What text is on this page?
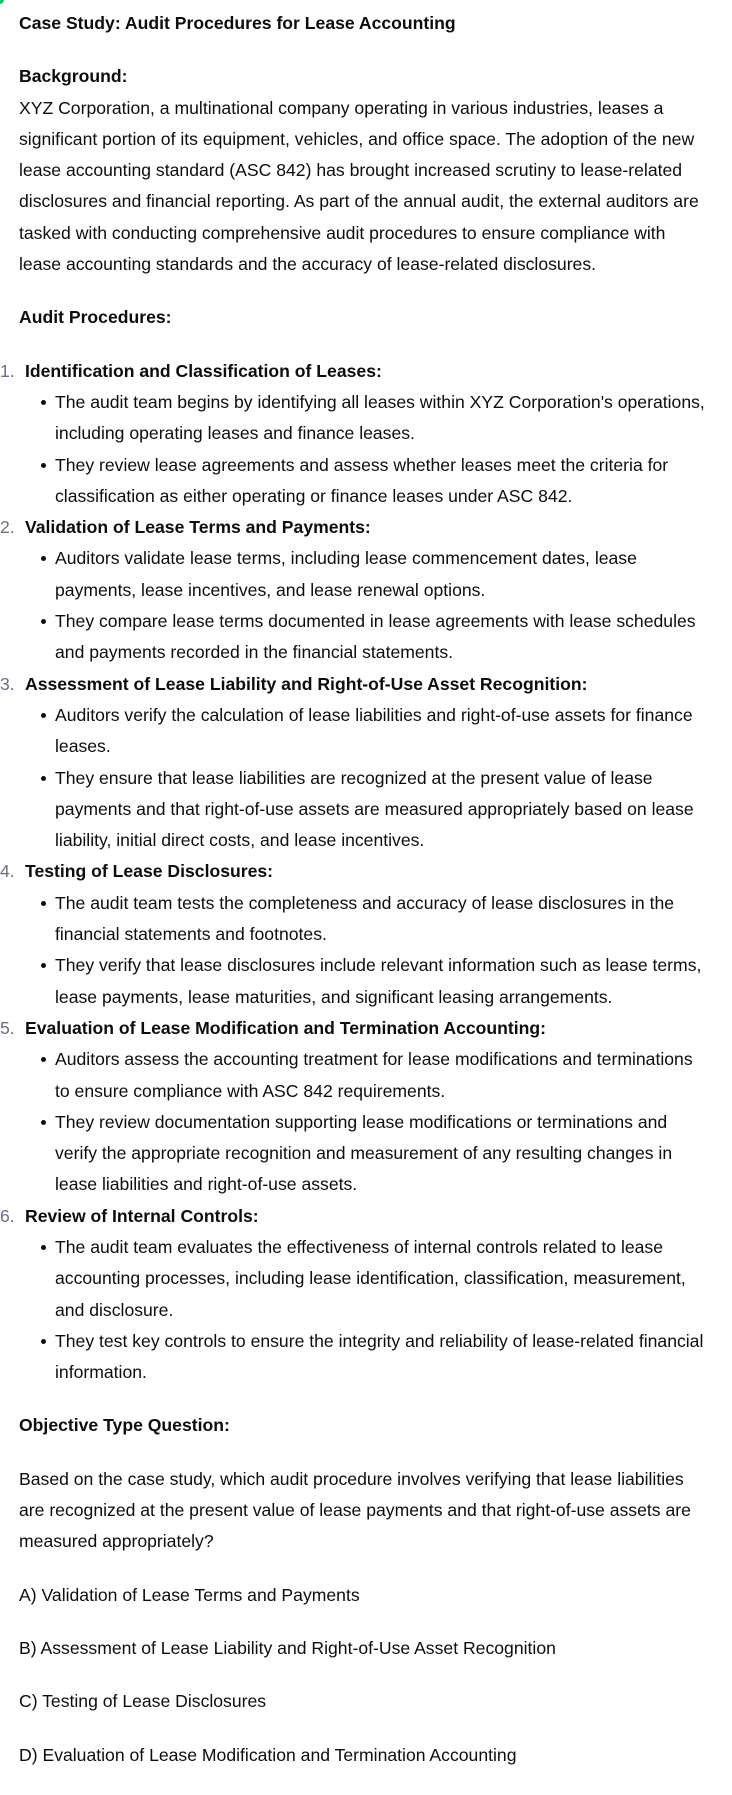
Case Study: Audit Procedures for Lease Accounting

Background:

XYZ Corporation, a multinational company operating in various industries, leases a significant portion of its equipment, vehicles, and office space. The adoption of the new lease accounting standard (ASC 842) has brought increased scrutiny to lease-related disclosures and financial reporting. As part of the annual audit, the external auditors are tasked with conducting comprehensive audit procedures to ensure compliance with lease accounting standards and the accuracy of lease-related disclosures.

Audit Procedures:

1. Identification and Classification of Leases:

The audit team begins by identifying all leases within XYZ Corporation's operations, including operating leases and finance leases.
They review lease agreements and assess whether leases meet the criteria for classification as either operating or finance leases under ASC 842.
2. Validation of Lease Terms and Payments:

Auditors validate lease terms, including lease commencement dates, lease payments, lease incentives, and lease renewal options.
They compare lease terms documented in lease agreements with lease schedules and payments recorded in the financial statements.
3. Assessment of Lease Liability and Right-of-Use Asset Recognition:

Auditors verify the calculation of lease liabilities and right-of-use assets for finance leases.
They ensure that lease liabilities are recognized at the present value of lease payments and that right-of-use assets are measured appropriately based on lease liability, initial direct costs, and lease incentives.
4. Testing of Lease Disclosures:

The audit team tests the completeness and accuracy of lease disclosures in the financial statements and footnotes.
They verify that lease disclosures include relevant information such as lease terms, lease payments, lease maturities, and significant leasing arrangements.
5. Evaluation of Lease Modification and Termination Accounting:

Auditors assess the accounting treatment for lease modifications and terminations to ensure compliance with ASC 842 requirements.
They review documentation supporting lease modifications or terminations and verify the appropriate recognition and measurement of any resulting changes in lease liabilities and right-of-use assets.
6. Review of Internal Controls:

The audit team evaluates the effectiveness of internal controls related to lease accounting processes, including lease identification, classification, measurement, and disclosure.
They test key controls to ensure the integrity and reliability of lease-related financial information.

Objective Type Question:

Based on the case study, which audit procedure involves verifying that lease liabilities are recognized at the present value of lease payments and that right-of-use assets are measured appropriately?

A) Validation of Lease Terms and Payments

B) Assessment of Lease Liability and Right-of-Use Asset Recognition

C) Testing of Lease Disclosures

D) Evaluation of Lease Modification and Termination Accounting
